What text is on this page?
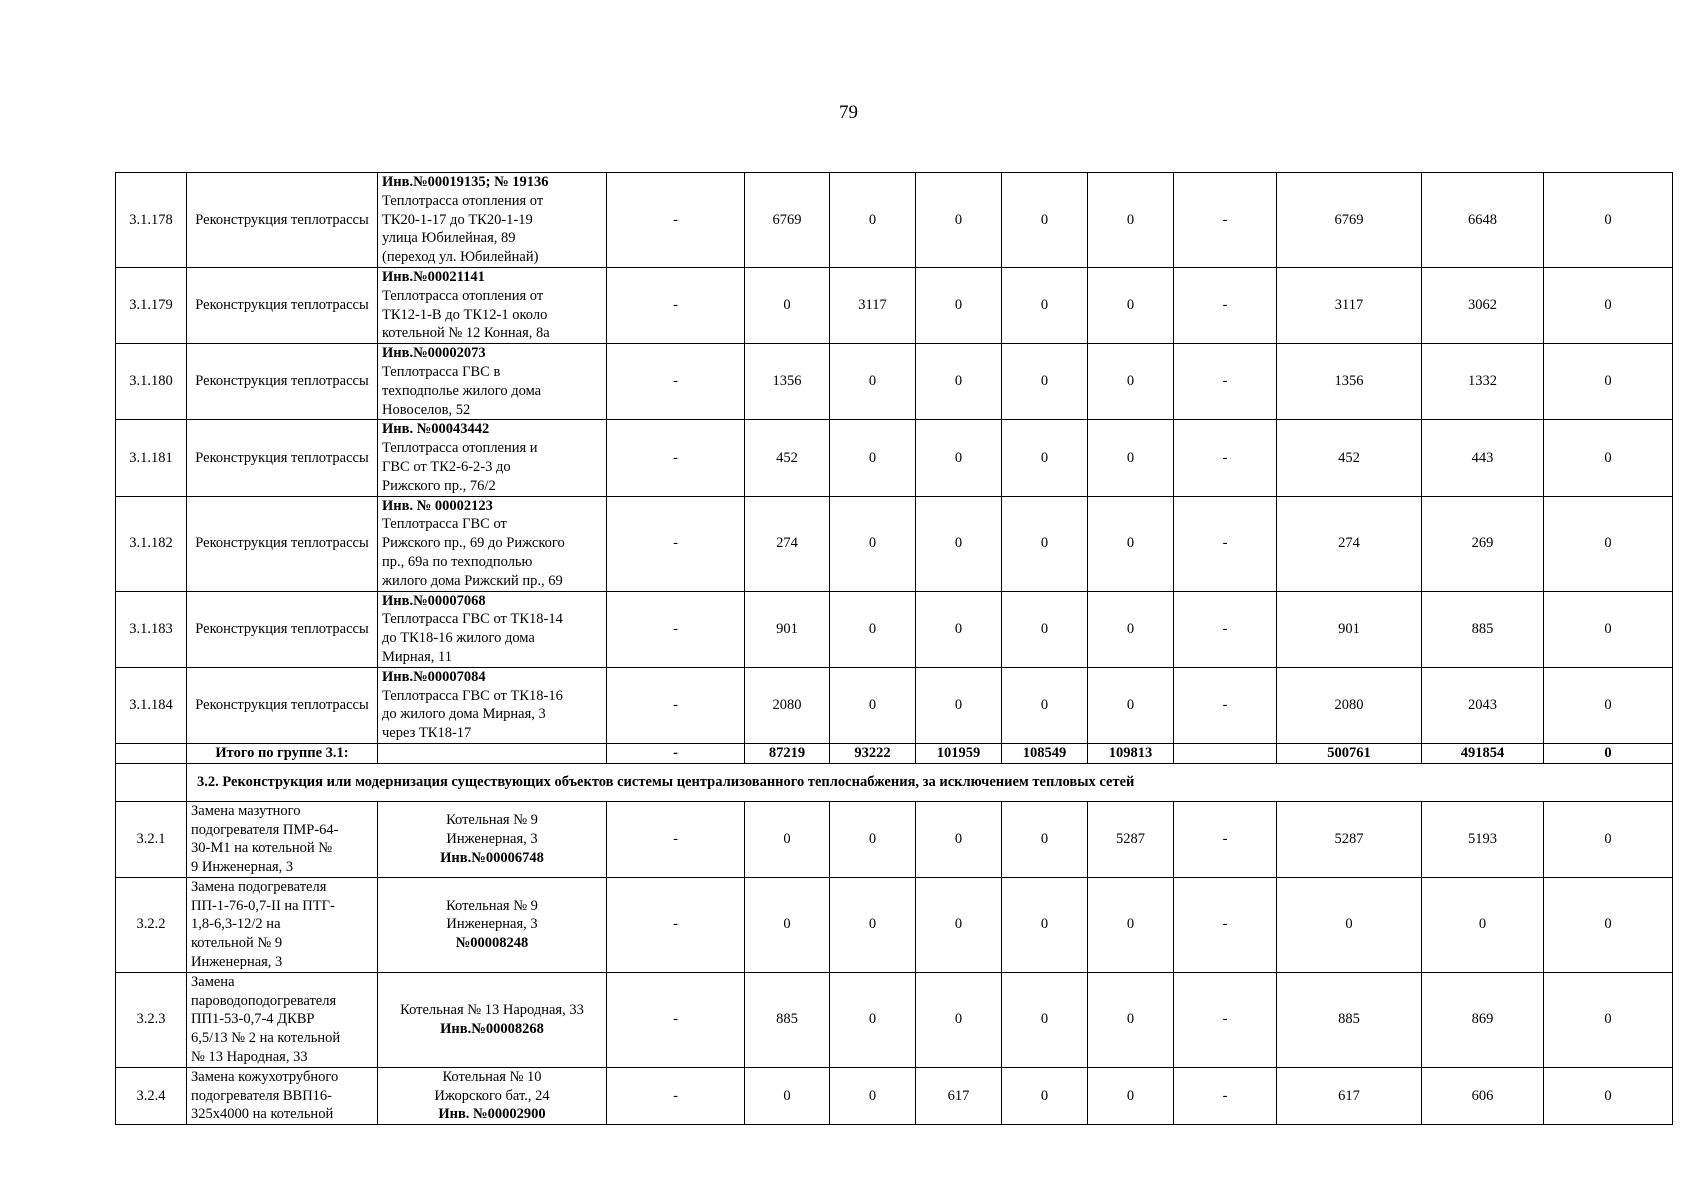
79
3.1.178	Реконструкция теплотрассы	Инв.№00019135; № 19136
Теплотрасса отопления от
ТК20-1-17 до ТК20-1-19
улица Юбилейная, 89
(переход ул. Юбилейнай)	-	6769	0	0	0	0	-	6769	6648	0
3.1.179	Реконструкция теплотрассы	Инв.№00021141
Теплотрасса отопления от
ТК12-1-В до ТК12-1 около
котельной № 12 Конная, 8а	-	0	3117	0	0	0	-	3117	3062	0
3.1.180	Реконструкция теплотрассы	Инв.№00002073
Теплотрасса ГВС в
техподполье жилого дома
Новоселов, 52	-	1356	0	0	0	0	-	1356	1332	0
3.1.181	Реконструкция теплотрассы	Инв. №00043442
Теплотрасса отопления и
ГВС от ТК2-6-2-3 до
Рижского пр., 76/2	-	452	0	0	0	0	-	452	443	0
3.1.182	Реконструкция теплотрассы	Инв. № 00002123
Теплотрасса ГВС от
Рижского пр., 69 до Рижского
пр., 69а по техподполью
жилого дома Рижский пр., 69	-	274	0	0	0	0	-	274	269	0
3.1.183	Реконструкция теплотрассы	Инв.№00007068
Теплотрасса ГВС от ТК18-14
до ТК18-16 жилого дома
Мирная, 11	-	901	0	0	0	0	-	901	885	0
3.1.184	Реконструкция теплотрассы	Инв.№00007084
Теплотрасса ГВС от ТК18-16
до жилого дома Мирная, 3
через ТК18-17	-	2080	0	0	0	0	-	2080	2043	0
	Итого по группе 3.1:		-	87219	93222	101959	108549	109813		500761	491854	0
	3.2. Реконструкция или модернизация существующих объектов системы централизованного теплоснабжения, за исключением тепловых сетей											
3.2.1	Замена мазутного
подогревателя ПМР-64-
30-М1 на котельной №
9 Инженерная, 3	Котельная № 9
Инженерная, 3
Инв.№00006748	-	0	0	0	0	5287	-	5287	5193	0
3.2.2	Замена подогревателя
ПП-1-76-0,7-II на ПТГ-
1,8-6,3-12/2 на
котельной № 9
Инженерная, 3	Котельная № 9
Инженерная, 3
№00008248	-	0	0	0	0	0	-	0	0	0
3.2.3	Замена
пароводоподогревателя
ПП1-53-0,7-4 ДКВР
6,5/13 № 2 на котельной
№ 13 Народная, 33	Котельная № 13 Народная, 33
Инв.№00008268	-	885	0	0	0	0	-	885	869	0
3.2.4	Замена кожухотрубного
подогревателя ВВП16-
325х4000 на котельной	Котельная № 10
Ижорского бат., 24
Инв. №00002900	-	0	0	617	0	0	-	617	606	0
